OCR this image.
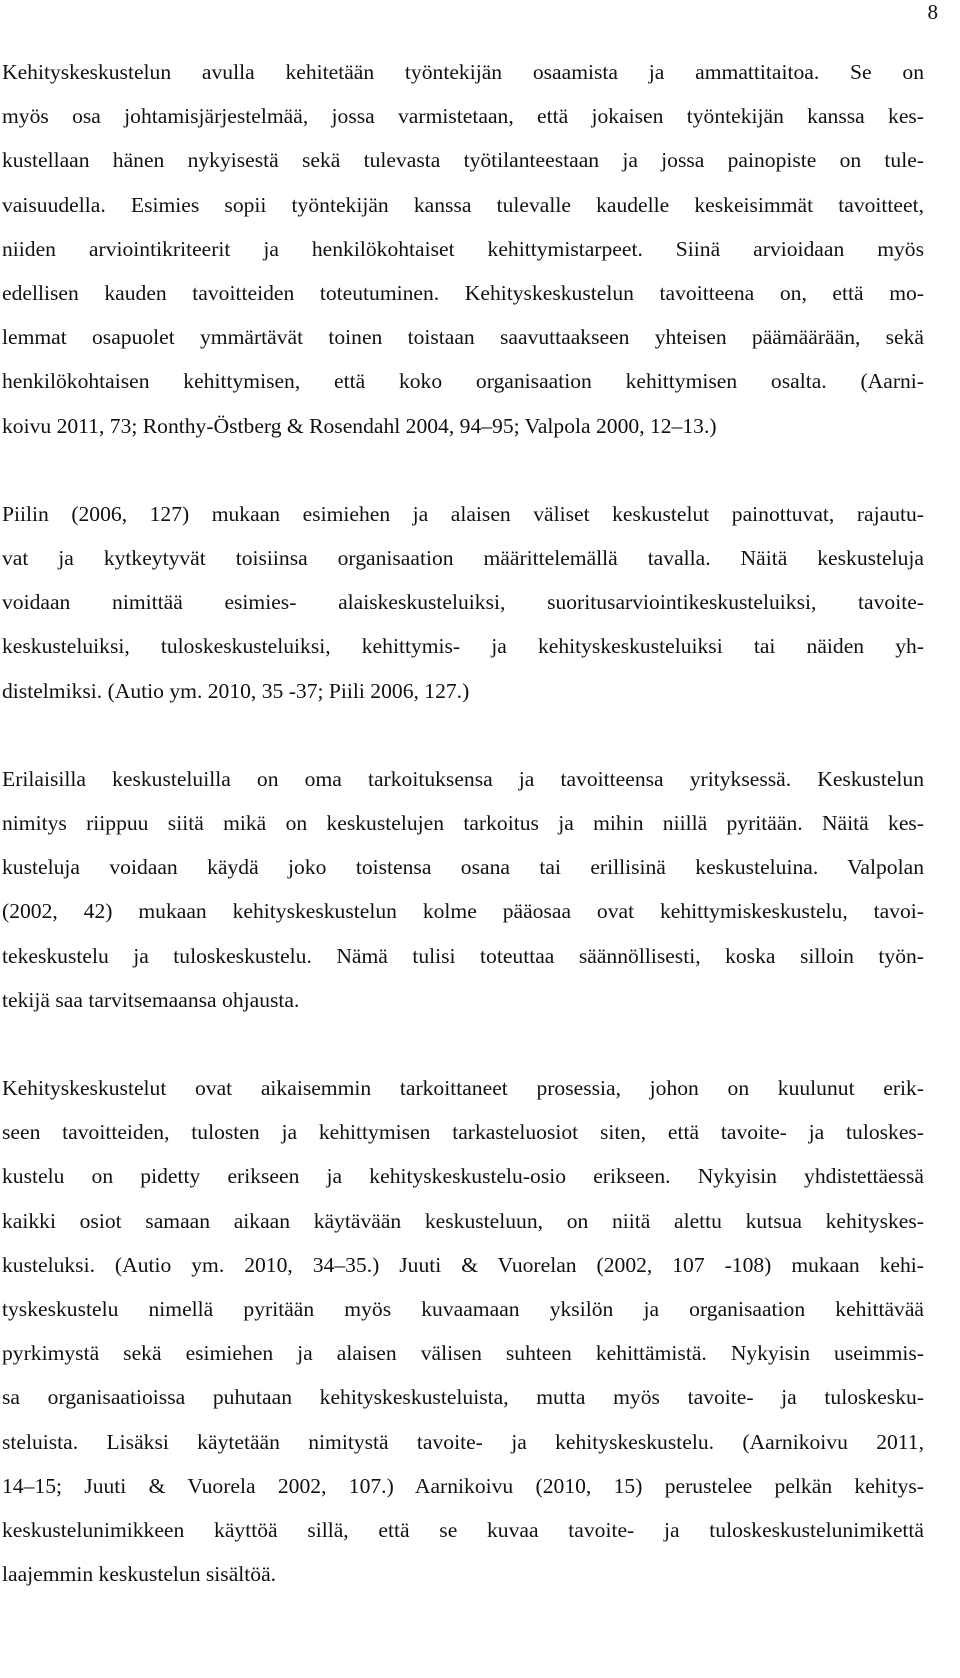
8

Kehityskeskustelun avulla kehitetään työntekijän osaamista ja ammattitaitoa. Se on
myös osa johtamisjärjestelmää, jossa varmistetaan, että jokaisen työntekijän kanssa kes-
kustellaan hänen nykyisestä sekä tulevasta työtilanteestaan ja jossa painopiste on tule-
vaisuudella. Esimies sopii työntekijän kanssa tulevalle kaudelle keskeisimmät tavoitteet,
niiden arviointikriteerit ja henkilökohtaiset kehittymistarpeet. Siinä arvioidaan myös
edellisen kauden tavoitteiden toteutuminen. Kehityskeskustelun tavoitteena on, että mo-
lemmat osapuolet ymmärtävät toinen toistaan saavuttaakseen yhteisen päämäärään, sekä
henkilökohtaisen kehittymisen, että koko organisaation kehittymisen osalta. (Aarni-
koivu 2011, 73; Ronthy-Östberg & Rosendahl 2004, 94–95; Valpola 2000, 12–13.)

Piilin (2006, 127) mukaan esimiehen ja alaisen väliset keskustelut painottuvat, rajautu-
vat ja kytkeytyvät toisiinsa organisaation määrittelemällä tavalla. Näitä keskusteluja
voidaan nimittää esimies- alaiskeskusteluiksi, suoritusarviointikeskusteluiksi, tavoite-
keskusteluiksi, tuloskeskusteluiksi, kehittymis- ja kehityskeskusteluiksi tai näiden yh-
distelmiksi. (Autio ym. 2010, 35 -37; Piili 2006, 127.)

Erilaisilla keskusteluilla on oma tarkoituksensa ja tavoitteensa yrityksessä. Keskustelun
nimitys riippuu siitä mikä on keskustelujen tarkoitus ja mihin niillä pyritään. Näitä kes-
kusteluja voidaan käydä joko toistensa osana tai erillisinä keskusteluina. Valpolan
(2002, 42) mukaan kehityskeskustelun kolme pääosaa ovat kehittymiskeskustelu, tavoi-
tekeskustelu ja tuloskeskustelu. Nämä tulisi toteuttaa säännöllisesti, koska silloin työn-
tekijä saa tarvitsemaansa ohjausta.

Kehityskeskustelut ovat aikaisemmin tarkoittaneet prosessia, johon on kuulunut erik-
seen tavoitteiden, tulosten ja kehittymisen tarkasteluosiot siten, että tavoite- ja tuloskes-
kustelu on pidetty erikseen ja kehityskeskustelu-osio erikseen. Nykyisin yhdistettäessä
kaikki osiot samaan aikaan käytävään keskusteluun, on niitä alettu kutsua kehityskes-
kusteluksi. (Autio ym. 2010, 34–35.) Juuti & Vuorelan (2002, 107 -108) mukaan kehi-
tyskeskustelu nimellä pyritään myös kuvaamaan yksilön ja organisaation kehittävää
pyrkimystä sekä esimiehen ja alaisen välisen suhteen kehittämistä. Nykyisin useimmis-
sa organisaatioissa puhutaan kehityskeskusteluista, mutta myös tavoite- ja tuloskesku-
steluista. Lisäksi käytetään nimitystä tavoite- ja kehityskeskustelu. (Aarnikoivu 2011,
14–15; Juuti & Vuorela 2002, 107.) Aarnikoivu (2010, 15) perustelee pelkän kehitys-
keskustelunimikkeen käyttöä sillä, että se kuvaa tavoite- ja tuloskeskustelunimikettä
laajemmin keskustelun sisältöä.
